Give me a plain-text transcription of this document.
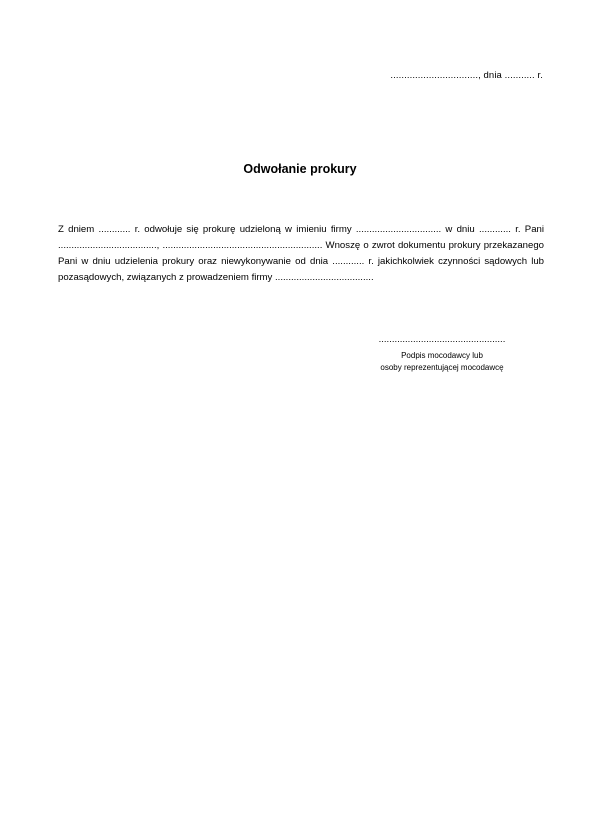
................................, dnia ........... r.
Odwołanie prokury

Z dniem ............ r. odwołuje się prokurę udzieloną w imieniu firmy ................................ w dniu ............ r. Pani ....................................., ............................................................ Wnoszę o zwrot dokumentu prokury przekazanego Pani w dniu udzielenia prokury oraz niewykonywanie od dnia ............ r. jakichkolwiek czynności sądowych lub pozasądowych, związanych z prowadzeniem firmy .....................................

................................................
Podpis mocodawcy lub
osoby reprezentującej mocodawcę
